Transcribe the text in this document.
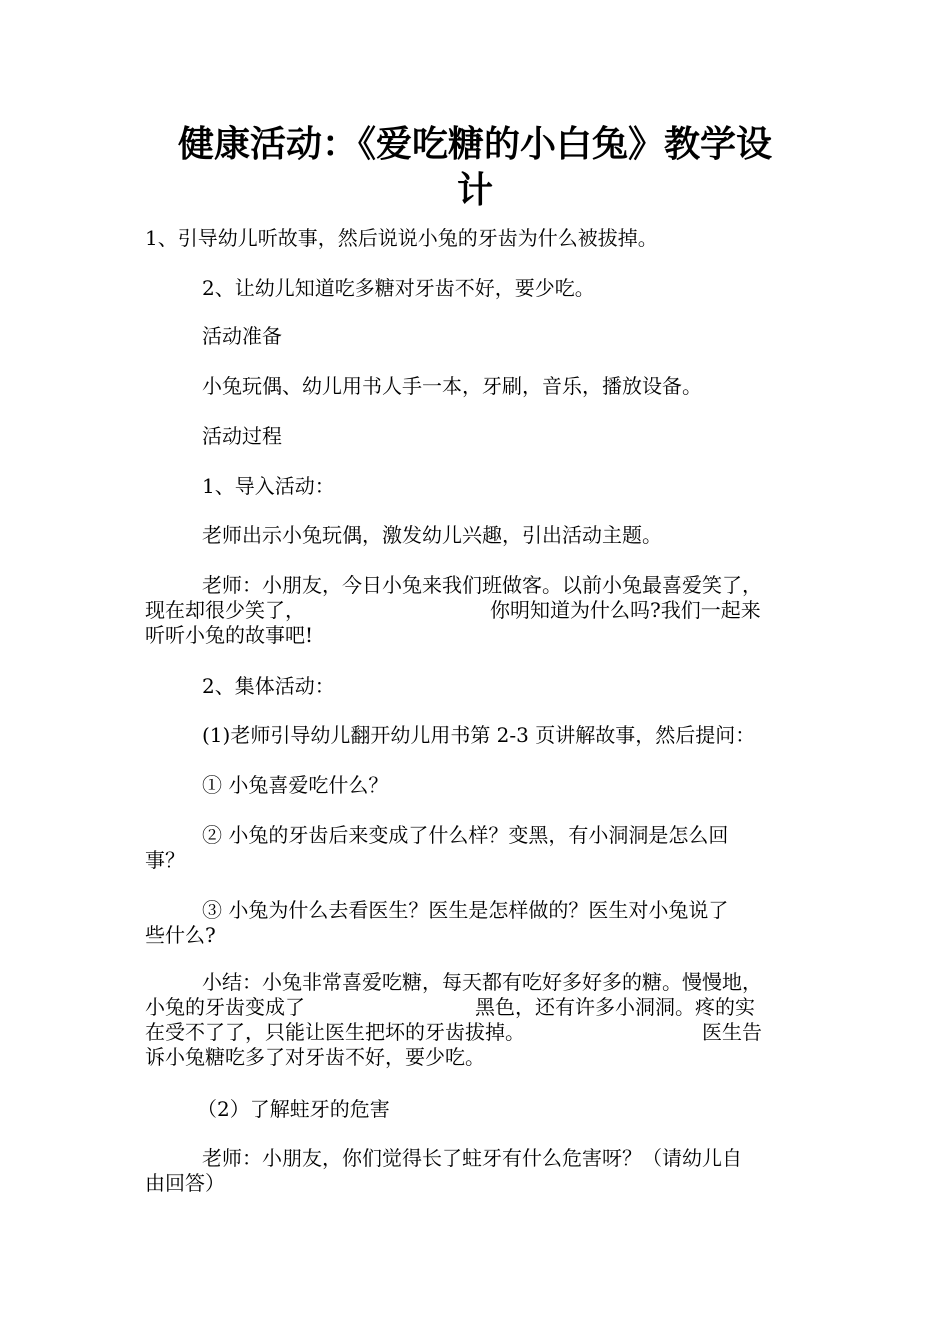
健康活动：《爱吃糖的小白兔》教学设
计

1、引导幼儿听故事，然后说说小兔的牙齿为什么被拔掉。

2、让幼儿知道吃多糖对牙齿不好，要少吃。

活动准备

小兔玩偶、幼儿用书人手一本，牙刷，音乐，播放设备。

活动过程

1、导入活动：

老师出示小兔玩偶，激发幼儿兴趣，引出活动主题。

老师：小朋友，今日小兔来我们班做客。以前小兔最喜爱笑了，
现在却很少笑了，	你明知道为什么吗?我们一起来
听听小兔的故事吧!

2、集体活动：

(1)老师引导幼儿翻开幼儿用书第 2-3 页讲解故事，然后提问：

① 小兔喜爱吃什么？

② 小兔的牙齿后来变成了什么样？变黑，有小洞洞是怎么回
事？
③ 小兔为什么去看医生？医生是怎样做的？医生对小兔说了
些什么?
小结：小兔非常喜爱吃糖，每天都有吃好多好多的糖。慢慢地，
小兔的牙齿变成了	黑色，还有许多小洞洞。疼的实
在受不了了，只能让医生把坏的牙齿拔掉。	医生告
诉小兔糖吃多了对牙齿不好，要少吃。

（2）了解蛀牙的危害

老师：小朋友，你们觉得长了蛀牙有什么危害呀？（请幼儿自
由回答）
